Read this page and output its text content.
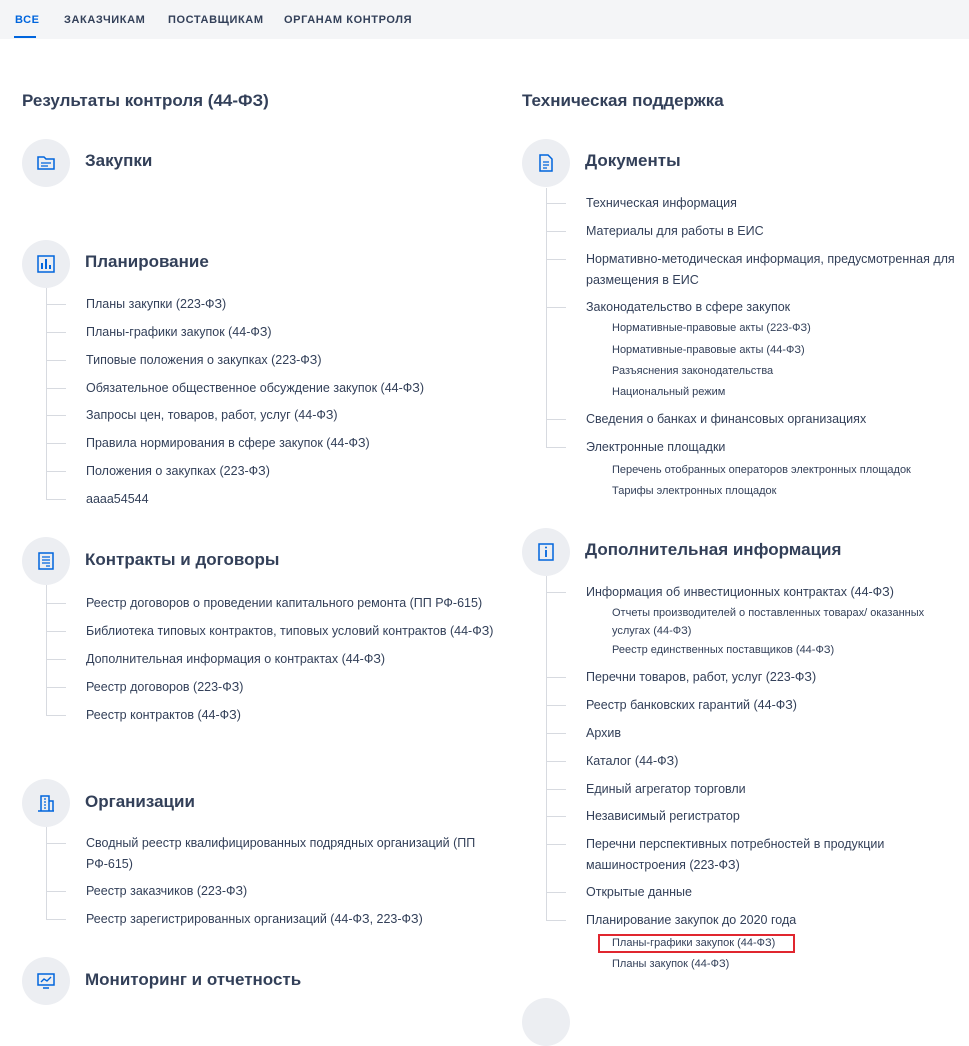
ВСЕ ЗАКАЗЧИКАМ ПОСТАВЩИКАМ ОРГАНАМ КОНТРОЛЯ
Результаты контроля (44-ФЗ)
Закупки
Планирование
Планы закупки (223-ФЗ)
Планы-графики закупок (44-ФЗ)
Типовые положения о закупках (223-ФЗ)
Обязательное общественное обсуждение закупок (44-ФЗ)
Запросы цен, товаров, работ, услуг (44-ФЗ)
Правила нормирования в сфере закупок (44-ФЗ)
Положения о закупках (223-ФЗ)
аааа54544
Контракты и договоры
Реестр договоров о проведении капитального ремонта (ПП РФ-615)
Библиотека типовых контрактов, типовых условий контрактов (44-ФЗ)
Дополнительная информация о контрактах (44-ФЗ)
Реестр договоров (223-ФЗ)
Реестр контрактов (44-ФЗ)
Организации
Сводный реестр квалифицированных подрядных организаций (ПП РФ-615)
Реестр заказчиков (223-ФЗ)
Реестр зарегистрированных организаций (44-ФЗ, 223-ФЗ)
Мониторинг и отчетность
Техническая поддержка
Документы
Техническая информация
Материалы для работы в ЕИС
Нормативно-методическая информация, предусмотренная для размещения в ЕИС
Законодательство в сфере закупок
Нормативные-правовые акты (223-ФЗ)
Нормативные-правовые акты (44-ФЗ)
Разъяснения законодательства
Национальный режим
Сведения о банках и финансовых организациях
Электронные площадки
Перечень отобранных операторов электронных площадок
Тарифы электронных площадок
Дополнительная информация
Информация об инвестиционных контрактах (44-ФЗ)
Отчеты производителей о поставленных товарах/ оказанных услугах (44-ФЗ)
Реестр единственных поставщиков (44-ФЗ)
Перечни товаров, работ, услуг (223-ФЗ)
Реестр банковских гарантий (44-ФЗ)
Архив
Каталог (44-ФЗ)
Единый агрегатор торговли
Независимый регистратор
Перечни перспективных потребностей в продукции машиностроения (223-ФЗ)
Открытые данные
Планирование закупок до 2020 года
Планы-графики закупок (44-ФЗ)
Планы закупок (44-ФЗ)
